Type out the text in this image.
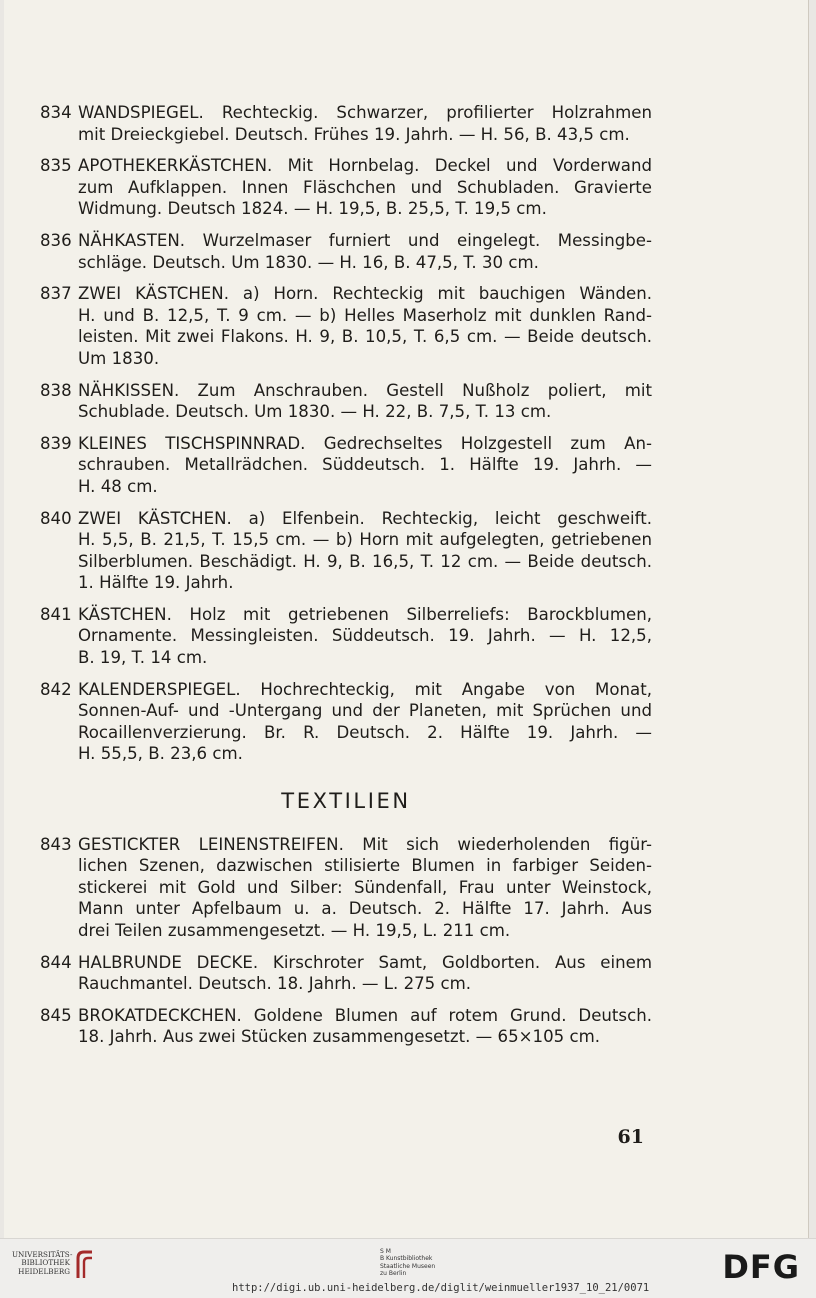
834 WANDSPIEGEL. Rechteckig. Schwarzer, profilierter Holzrahmen
mit Dreieckgiebel. Deutsch. Frühes 19. Jahrh. — H. 56, B. 43,5 cm.
835 APOTHEKERKÄSTCHEN. Mit Hornbelag. Deckel und Vorderwand
zum Aufklappen. Innen Fläschchen und Schubladen. Gravierte
Widmung. Deutsch 1824. — H. 19,5, B. 25,5, T. 19,5 cm.
836 NÄHKASTEN. Wurzelmaser furniert und eingelegt. Messingbe-
schläge. Deutsch. Um 1830. — H. 16, B. 47,5, T. 30 cm.
837 ZWEI KÄSTCHEN. a) Horn. Rechteckig mit bauchigen Wänden.
H. und B. 12,5, T. 9 cm. — b) Helles Maserholz mit dunklen Rand-
leisten. Mit zwei Flakons. H. 9, B. 10,5, T. 6,5 cm. — Beide deutsch.
Um 1830.
838 NÄHKISSEN. Zum Anschrauben. Gestell Nußholz poliert, mit
Schublade. Deutsch. Um 1830. — H. 22, B. 7,5, T. 13 cm.
839 KLEINES TISCHSPINNRAD. Gedrechseltes Holzgestell zum An-
schrauben. Metallrädchen. Süddeutsch. 1. Hälfte 19. Jahrh. —
H. 48 cm.
840 ZWEI KÄSTCHEN. a) Elfenbein. Rechteckig, leicht geschweift.
H. 5,5, B. 21,5, T. 15,5 cm. — b) Horn mit aufgelegten, getriebenen
Silberblumen. Beschädigt. H. 9, B. 16,5, T. 12 cm. — Beide deutsch.
1. Hälfte 19. Jahrh.
841 KÄSTCHEN. Holz mit getriebenen Silberreliefs: Barockblumen,
Ornamente. Messingleisten. Süddeutsch. 19. Jahrh. — H. 12,5,
B. 19, T. 14 cm.
842 KALENDERSPIEGEL. Hochrechteckig, mit Angabe von Monat,
Sonnen-Auf- und -Untergang und der Planeten, mit Sprüchen und
Rocaillenverzierung. Br. R. Deutsch. 2. Hälfte 19. Jahrh. —
H. 55,5, B. 23,6 cm.
TEXTILIEN
843 GESTICKTER LEINENSTREIFEN. Mit sich wiederholenden figür-
lichen Szenen, dazwischen stilisierte Blumen in farbiger Seiden-
stickerei mit Gold und Silber: Sündenfall, Frau unter Weinstock,
Mann unter Apfelbaum u. a. Deutsch. 2. Hälfte 17. Jahrh. Aus
drei Teilen zusammengesetzt. — H. 19,5, L. 211 cm.
844 HALBRUNDE DECKE. Kirschroter Samt, Goldborten. Aus einem
Rauchmantel. Deutsch. 18. Jahrh. — L. 275 cm.
845 BROKATDECKCHEN. Goldene Blumen auf rotem Grund. Deutsch.
18. Jahrh. Aus zwei Stücken zusammengesetzt. — 65×105 cm.
61
UNIVERSITÄTS-
BIBLIOTHEK
HEIDELBERG
S M
B Kunstbibliothek
Staatliche Museen
zu Berlin
http://digi.ub.uni-heidelberg.de/diglit/weinmueller1937_10_21/0071
DFG
